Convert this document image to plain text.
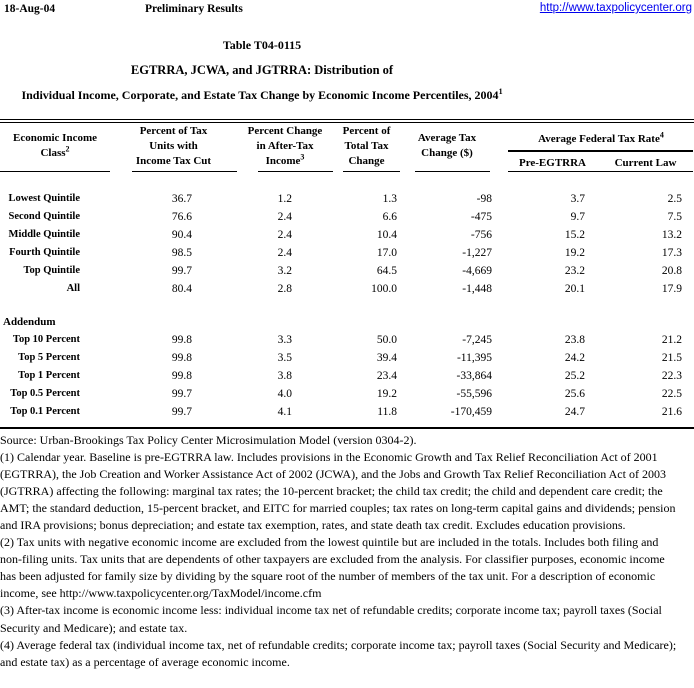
18-Aug-04	Preliminary Results	http://www.taxpolicycenter.org
Table T04-0115
EGTRRA, JCWA, and JGTRRA: Distribution of
Individual Income, Corporate, and Estate Tax Change by Economic Income Percentiles, 2004$^1$
Economic Income
Class$^2$
Percent of Tax
Units with
Income Tax Cut
Percent Change
in After-Tax
Income$^3$
Percent of
Total Tax
Change
Average Tax
Change ($)
Average Federal Tax Rate$^4$
Pre-EGTRRA	Current Law
Lowest Quintile	36.7	1.2	1.3	-98	3.7	2.5
Second Quintile	76.6	2.4	6.6	-475	9.7	7.5
Middle Quintile	90.4	2.4	10.4	-756	15.2	13.2
Fourth Quintile	98.5	2.4	17.0	-1,227	19.2	17.3
Top Quintile	99.7	3.2	64.5	-4,669	23.2	20.8
All	80.4	2.8	100.0	-1,448	20.1	17.9
Addendum
Top 10 Percent	99.8	3.3	50.0	-7,245	23.8	21.2
Top 5 Percent	99.8	3.5	39.4	-11,395	24.2	21.5
Top 1 Percent	99.8	3.8	23.4	-33,864	25.2	22.3
Top 0.5 Percent	99.7	4.0	19.2	-55,596	25.6	22.5
Top 0.1 Percent	99.7	4.1	11.8	-170,459	24.7	21.6
Source: Urban-Brookings Tax Policy Center Microsimulation Model (version 0304-2).
(1) Calendar year. Baseline is pre-EGTRRA law. Includes provisions in the Economic Growth and Tax Relief Reconciliation Act of 2001 (EGTRRA), the Job Creation and Worker Assistance Act of 2002 (JCWA), and the Jobs and Growth Tax Relief Reconciliation Act of 2003 (JGTRRA) affecting the following: marginal tax rates; the 10-percent bracket; the child tax credit; the child and dependent care credit; the AMT; the standard deduction, 15-percent bracket, and EITC for married couples; tax rates on long-term capital gains and dividends; pension and IRA provisions; bonus depreciation; and estate tax exemption, rates, and state death tax credit. Excludes education provisions.
(2) Tax units with negative economic income are excluded from the lowest quintile but are included in the totals. Includes both filing and non-filing units. Tax units that are dependents of other taxpayers are excluded from the analysis. For classifier purposes, economic income has been adjusted for family size by dividing by the square root of the number of members of the tax unit. For a description of economic income, see http://www.taxpolicycenter.org/TaxModel/income.cfm
(3) After-tax income is economic income less: individual income tax net of refundable credits; corporate income tax; payroll taxes (Social Security and Medicare); and estate tax.
(4) Average federal tax (individual income tax, net of refundable credits; corporate income tax; payroll taxes (Social Security and Medicare); and estate tax) as a percentage of average economic income.
